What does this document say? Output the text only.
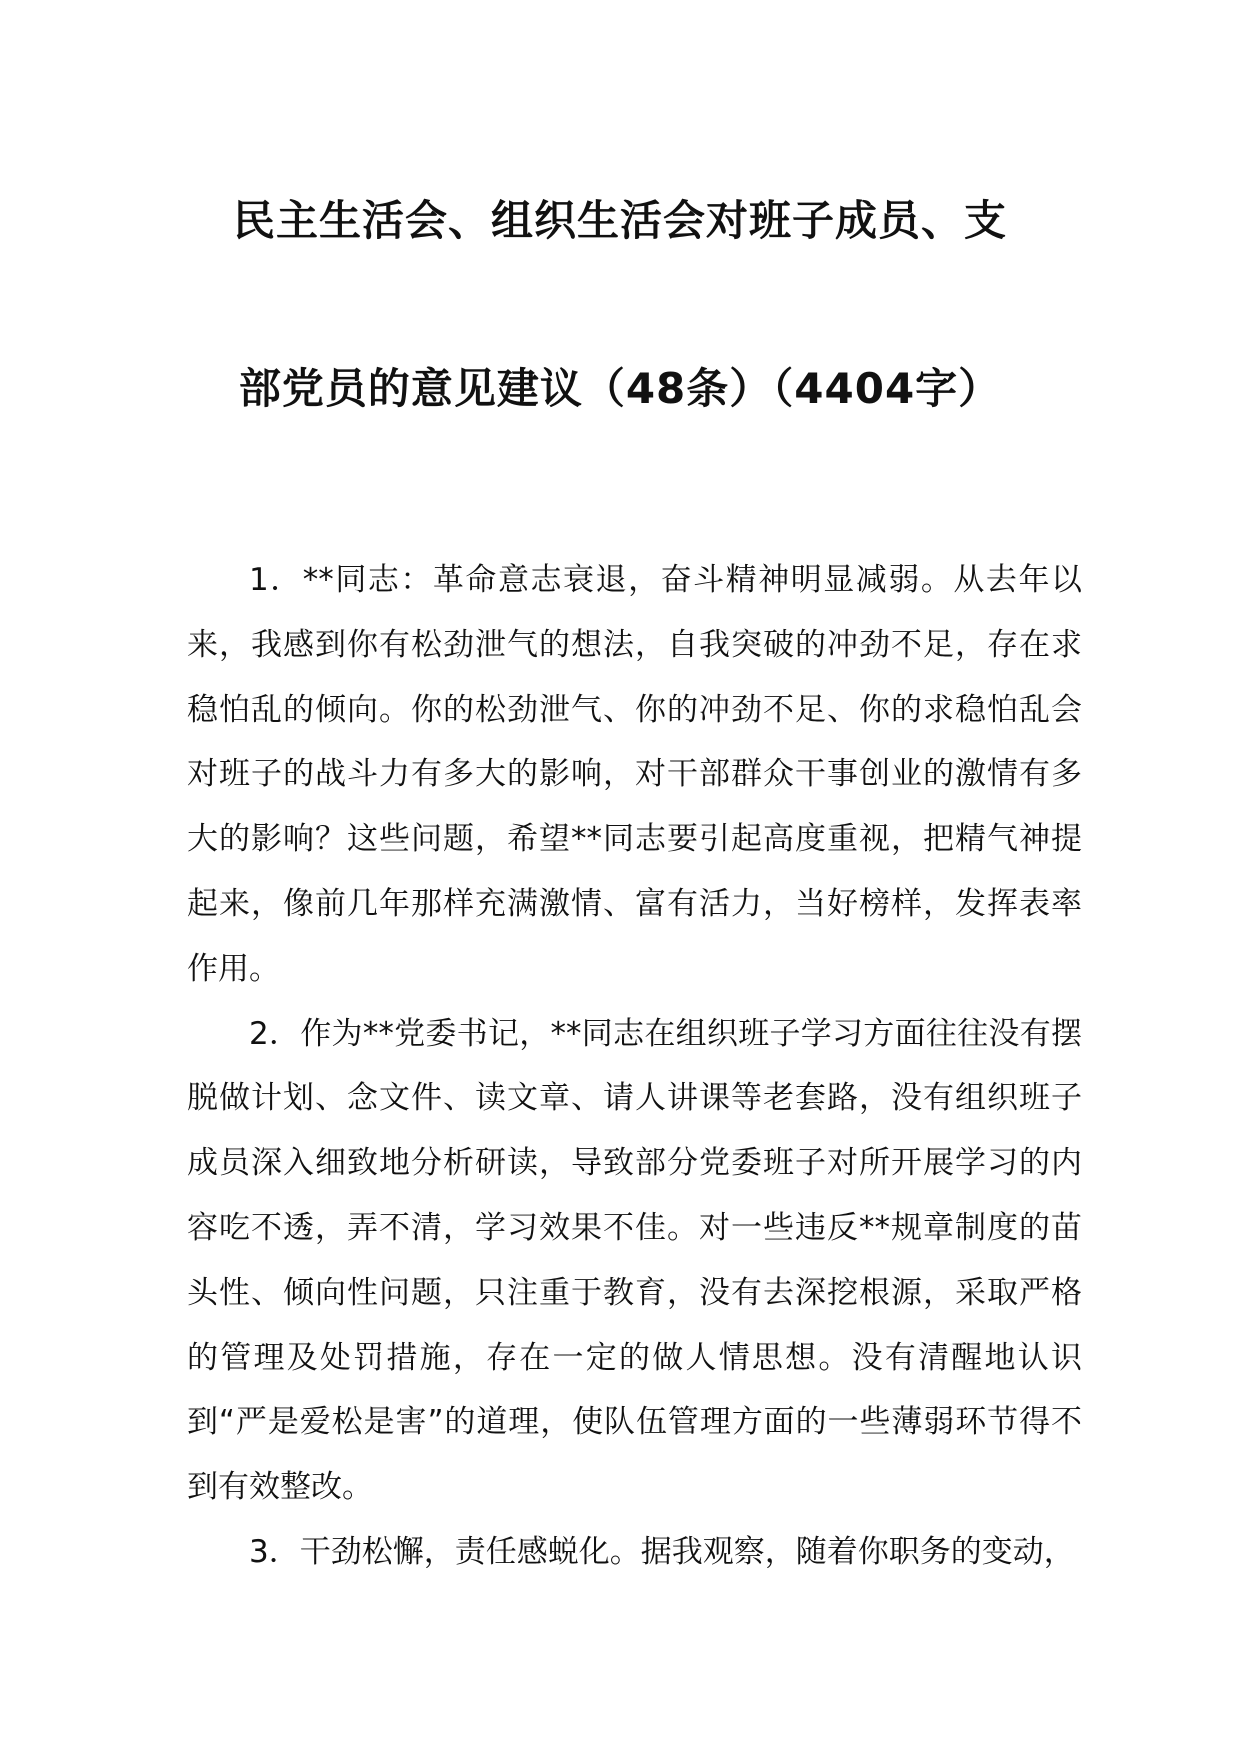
民主生活会、组织生活会对班子成员、支
部党员的意见建议（48条）（4404字）

1．**同志：革命意志衰退，奋斗精神明显减弱。从去年以来，我感到你有松劲泄气的想法，自我突破的冲劲不足，存在求稳怕乱的倾向。你的松劲泄气、你的冲劲不足、你的求稳怕乱会对班子的战斗力有多大的影响，对干部群众干事创业的激情有多大的影响？这些问题，希望**同志要引起高度重视，把精气神提起来，像前几年那样充满激情、富有活力，当好榜样，发挥表率作用。

2．作为**党委书记，**同志在组织班子学习方面往往没有摆脱做计划、念文件、读文章、请人讲课等老套路，没有组织班子成员深入细致地分析研读，导致部分党委班子对所开展学习的内容吃不透，弄不清，学习效果不佳。对一些违反**规章制度的苗头性、倾向性问题，只注重于教育，没有去深挖根源，采取严格的管理及处罚措施，存在一定的做人情思想。没有清醒地认识到“严是爱松是害”的道理，使队伍管理方面的一些薄弱环节得不到有效整改。

3．干劲松懈，责任感蜕化。据我观察，随着你职务的变动，
